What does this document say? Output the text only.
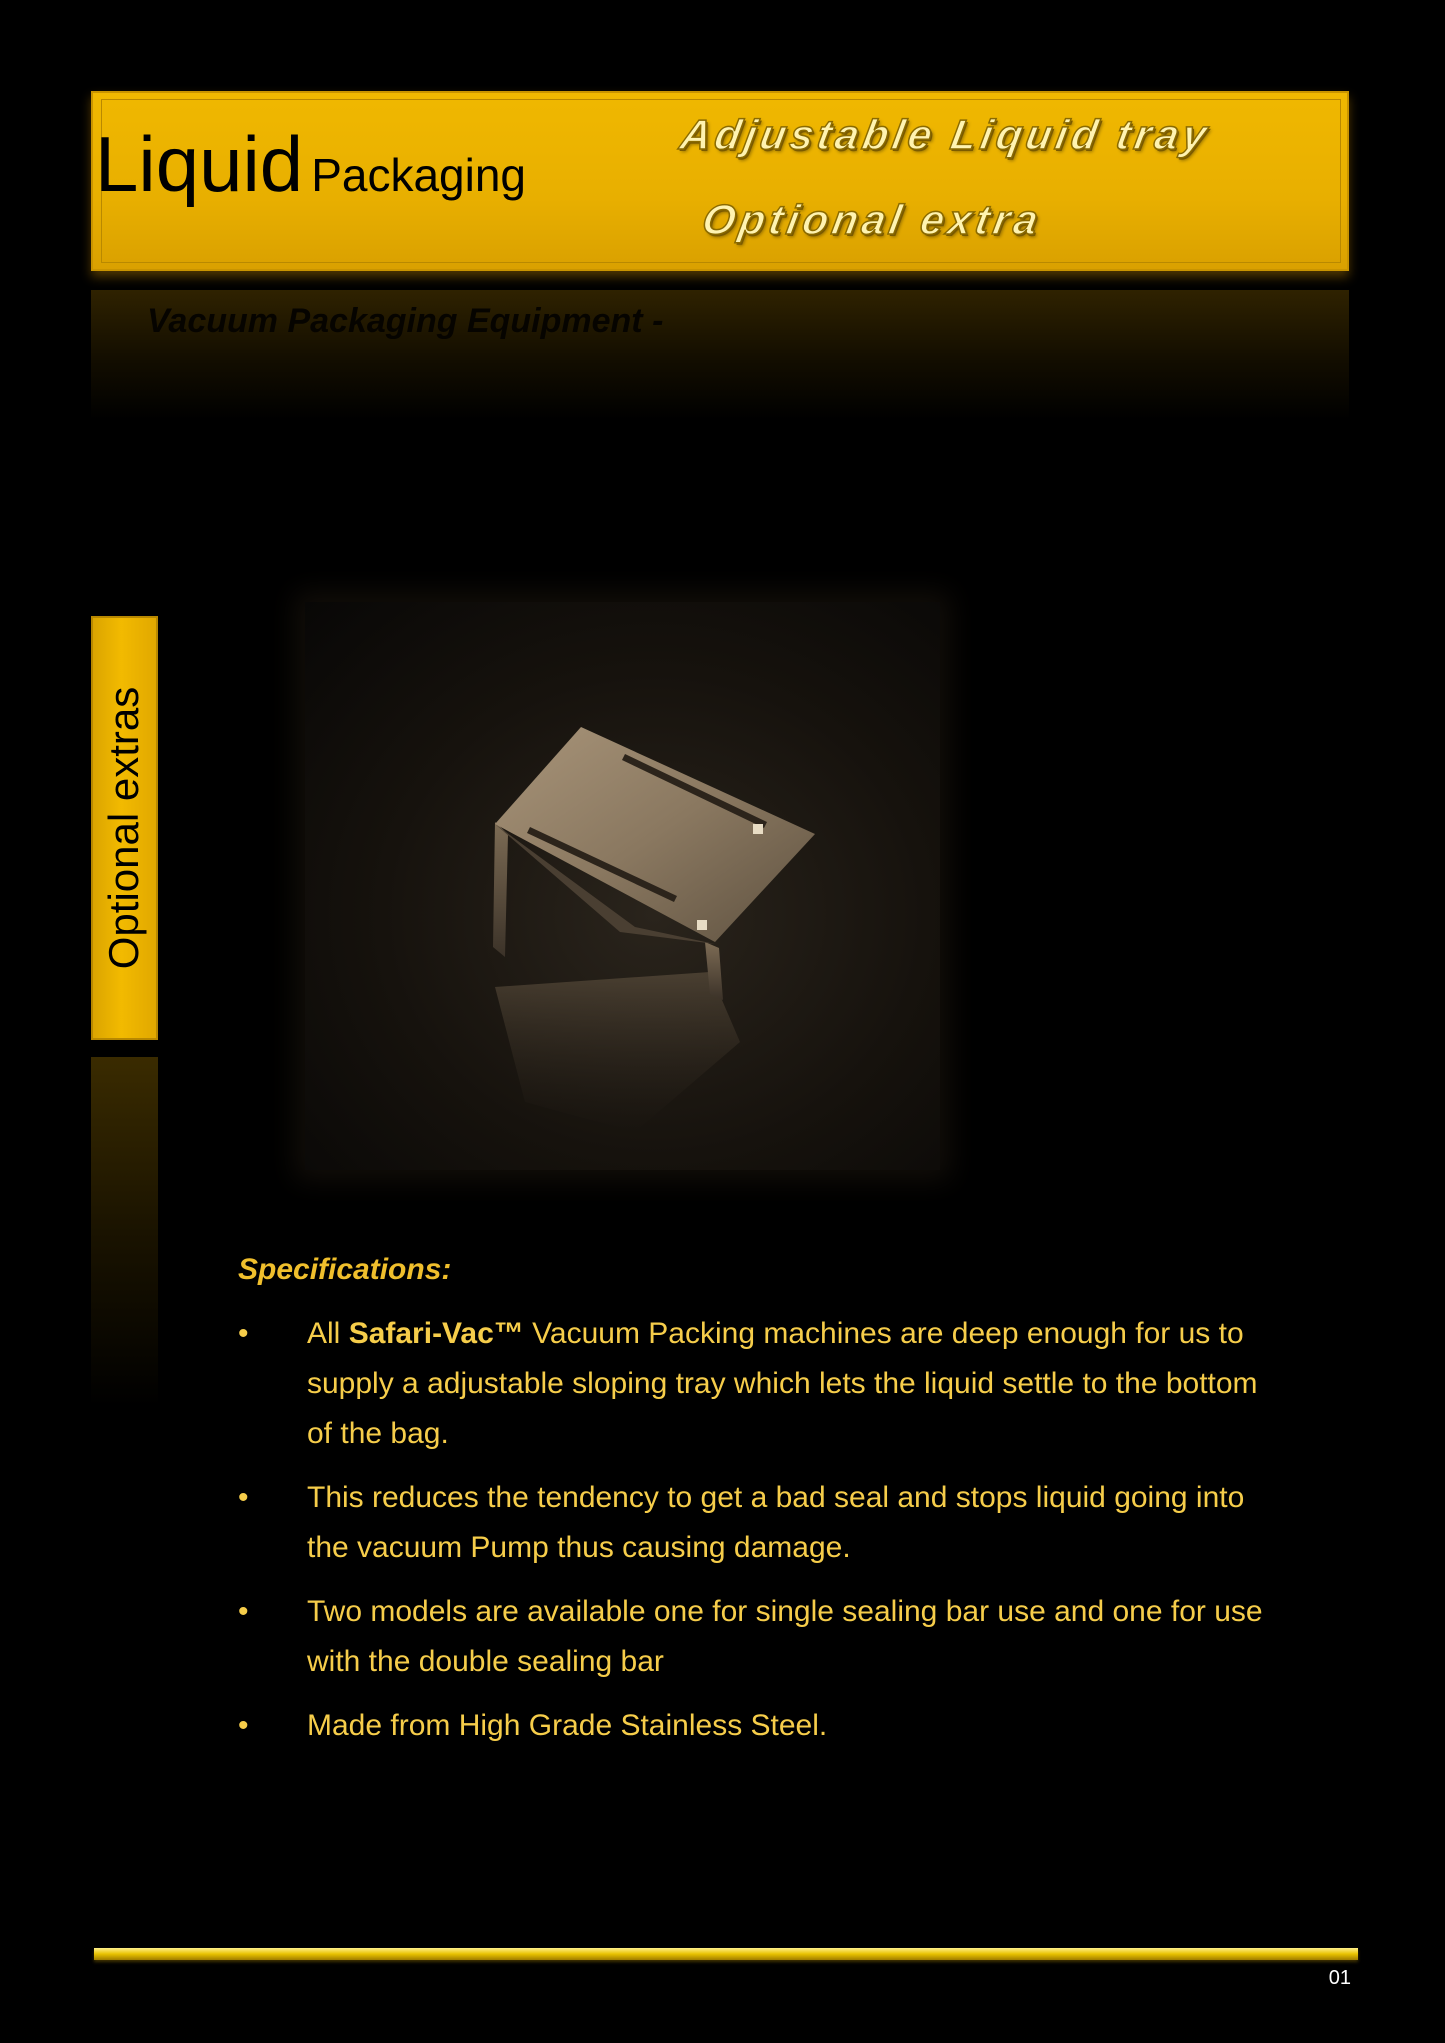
Liquid Packaging
Adjustable Liquid tray
Optional extra
Vacuum Packaging Equipment -
Optional extras
Specifications:
• All Safari-Vac™ Vacuum Packing machines are deep enough for us to supply a adjustable sloping tray which lets the liquid settle to the bottom of the bag.
• This reduces the tendency to get a bad seal and stops liquid going into the vacuum Pump thus causing damage.
• Two models are available one for single sealing bar use and one for use with the double sealing bar
• Made from High Grade Stainless Steel.
01
